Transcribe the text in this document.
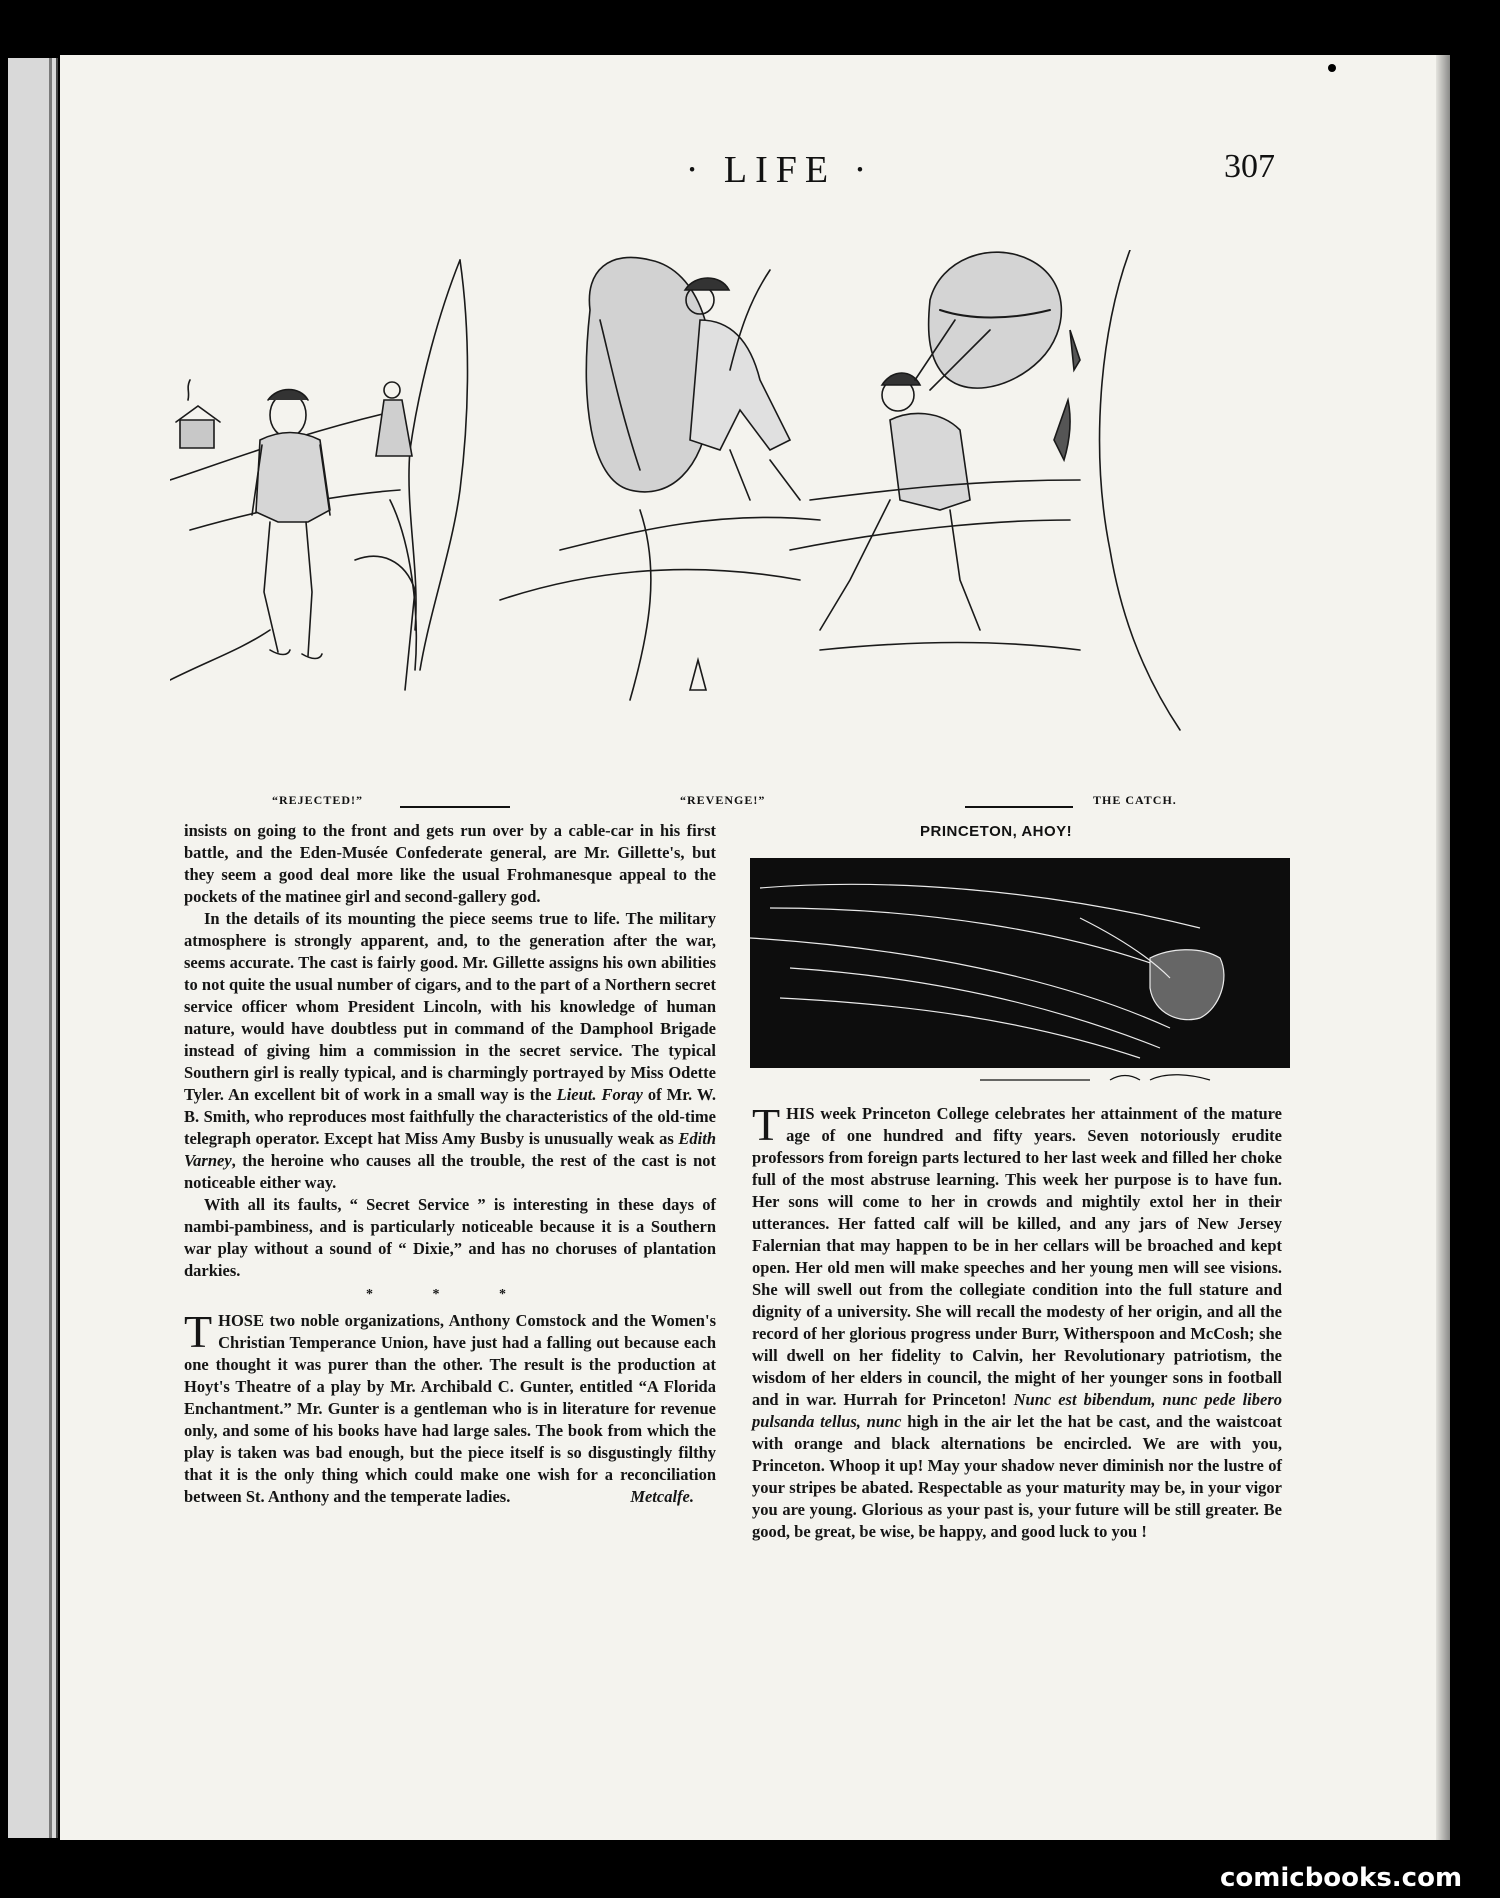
· LIFE ·	307
“REJECTED!”	“REVENGE!”	THE CATCH.

insists on going to the front and gets run over by a cable-car in his first battle, and the Eden-Musée Confederate general, are Mr. Gillette's, but they seem a good deal more like the usual Frohmanesque appeal to the pockets of the matinee girl and second-gallery god.

In the details of its mounting the piece seems true to life. The military atmosphere is strongly apparent, and, to the generation after the war, seems accurate. The cast is fairly good. Mr. Gillette assigns his own abilities to not quite the usual number of cigars, and to the part of a Northern secret service officer whom President Lincoln, with his knowledge of human nature, would have doubtless put in command of the Damphool Brigade instead of giving him a commission in the secret service. The typical Southern girl is really typical, and is charmingly portrayed by Miss Odette Tyler. An excellent bit of work in a small way is the Lieut. Foray of Mr. W. B. Smith, who reproduces most faithfully the characteristics of the old-time telegraph operator. Except hat Miss Amy Busby is unusually weak as Edith Varney, the heroine who causes all the trouble, the rest of the cast is not noticeable either way.

With all its faults, “ Secret Service ” is interesting in these days of nambi-pambiness, and is particularly noticeable because it is a Southern war play without a sound of “ Dixie,” and has no choruses of plantation darkies.

* * *

THOSE two noble organizations, Anthony Comstock and the Women's Christian Temperance Union, have just had a falling out because each one thought it was purer than the other. The result is the production at Hoyt's Theatre of a play by Mr. Archibald C. Gunter, entitled “A Florida Enchantment.” Mr. Gunter is a gentleman who is in literature for revenue only, and some of his books have had large sales. The book from which the play is taken was bad enough, but the piece itself is so disgustingly filthy that it is the only thing which could make one wish for a reconciliation between St. Anthony and the temperate ladies.	Metcalfe.

PRINCETON, AHOY!

THIS week Princeton College celebrates her attainment of the mature age of one hundred and fifty years. Seven notoriously erudite professors from foreign parts lectured to her last week and filled her choke full of the most abstruse learning. This week her purpose is to have fun. Her sons will come to her in crowds and mightily extol her in their utterances. Her fatted calf will be killed, and any jars of New Jersey Falernian that may happen to be in her cellars will be broached and kept open. Her old men will make speeches and her young men will see visions. She will swell out from the collegiate condition into the full stature and dignity of a university. She will recall the modesty of her origin, and all the record of her glorious progress under Burr, Witherspoon and McCosh; she will dwell on her fidelity to Calvin, her Revolutionary patriotism, the wisdom of her elders in council, the might of her younger sons in football and in war. Hurrah for Princeton! Nunc est bibendum, nunc pede libero pulsanda tellus, nunc high in the air let the hat be cast, and the waistcoat with orange and black alternations be encircled. We are with you, Princeton. Whoop it up! May your shadow never diminish nor the lustre of your stripes be abated. Respectable as your maturity may be, in your vigor you are young. Glorious as your past is, your future will be still greater. Be good, be great, be wise, be happy, and good luck to you !

comicbooks.com
